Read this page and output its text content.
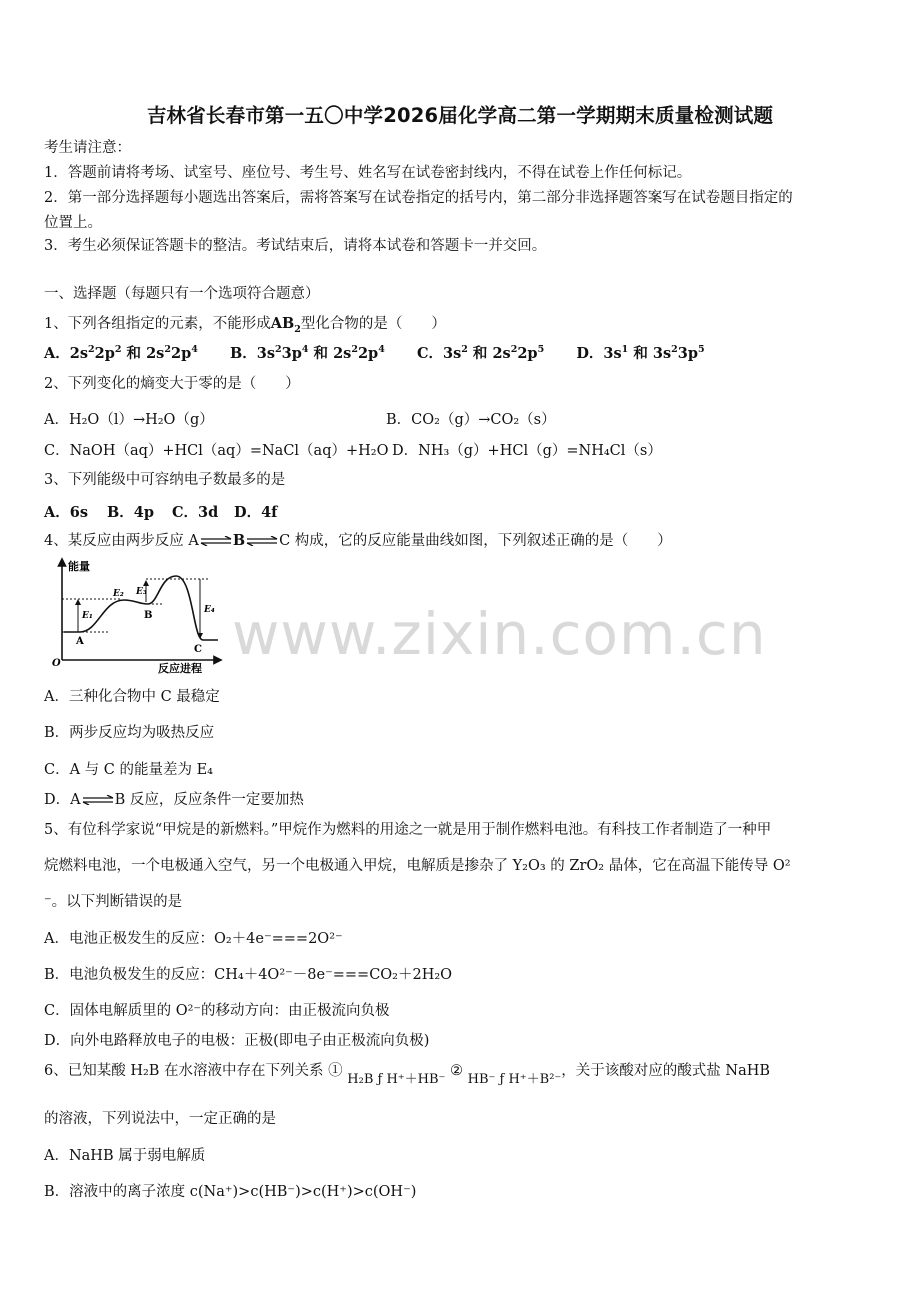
www.zixin.com.cn
吉林省长春市第一五〇中学2026届化学高二第一学期期末质量检测试题
考生请注意：
1．答题前请将考场、试室号、座位号、考生号、姓名写在试卷密封线内，不得在试卷上作任何标记。
2．第一部分选择题每小题选出答案后，需将答案写在试卷指定的括号内，第二部分非选择题答案写在试卷题目指定的
位置上。
3．考生必须保证答题卡的整洁。考试结束后，请将本试卷和答题卡一并交回。
一、选择题（每题只有一个选项符合题意）
1、下列各组指定的元素，不能形成$AB_2$型化合物的是（　　）
A．$2s^22p^2$ 和 $2s^22p^4$ B．$3s^23p^4$ 和 $2s^22p^4$ C．$3s^2$ 和 $2s^22p^5$ D．$3s^1$ 和 $3s^23p^5$
2、下列变化的熵变大于零的是（　　）
A．H₂O（l）→H₂O（g）	B．CO₂（g）→CO₂（s）
C．NaOH（aq）+HCl（aq）=NaCl（aq）+H₂O D．NH₃（g）+HCl（g）=NH₄Cl（s）
3、下列能级中可容纳电子数最多的是
A．6s B．4p C．3d D．4f
4、某反应由两步反应 A⇌B⇌C 构成，它的反应能量曲线如图，下列叙述正确的是（　　）
能量
反应进程
O
E₁
E₂ E₃
E₄
A
B
C
A．三种化合物中 C 最稳定
B．两步反应均为吸热反应
C．A 与 C 的能量差为 E₄
D．A⇌B 反应，反应条件一定要加热
5、有位科学家说“甲烷是的新燃料。”甲烷作为燃料的用途之一就是用于制作燃料电池。有科技工作者制造了一种甲
烷燃料电池，一个电极通入空气，另一个电极通入甲烷，电解质是掺杂了 Y₂O₃ 的 ZrO₂ 晶体，它在高温下能传导 O²
⁻。以下判断错误的是
A．电池正极发生的反应：O₂＋4e⁻===2O²⁻
B．电池负极发生的反应：CH₄＋4O²⁻－8e⁻===CO₂＋2H₂O
C．固体电解质里的 O²⁻的移动方向：由正极流向负极
D．向外电路释放电子的电极：正极(即电子由正极流向负极)
6、已知某酸 H₂B 在水溶液中存在下列关系 ① H₂B ƒ H⁺＋HB⁻ ② HB⁻ ƒ H⁺＋B²⁻，关于该酸对应的酸式盐 NaHB
的溶液，下列说法中，一定正确的是
A．NaHB 属于弱电解质
B．溶液中的离子浓度 c(Na⁺)>c(HB⁻)>c(H⁺)>c(OH⁻)
